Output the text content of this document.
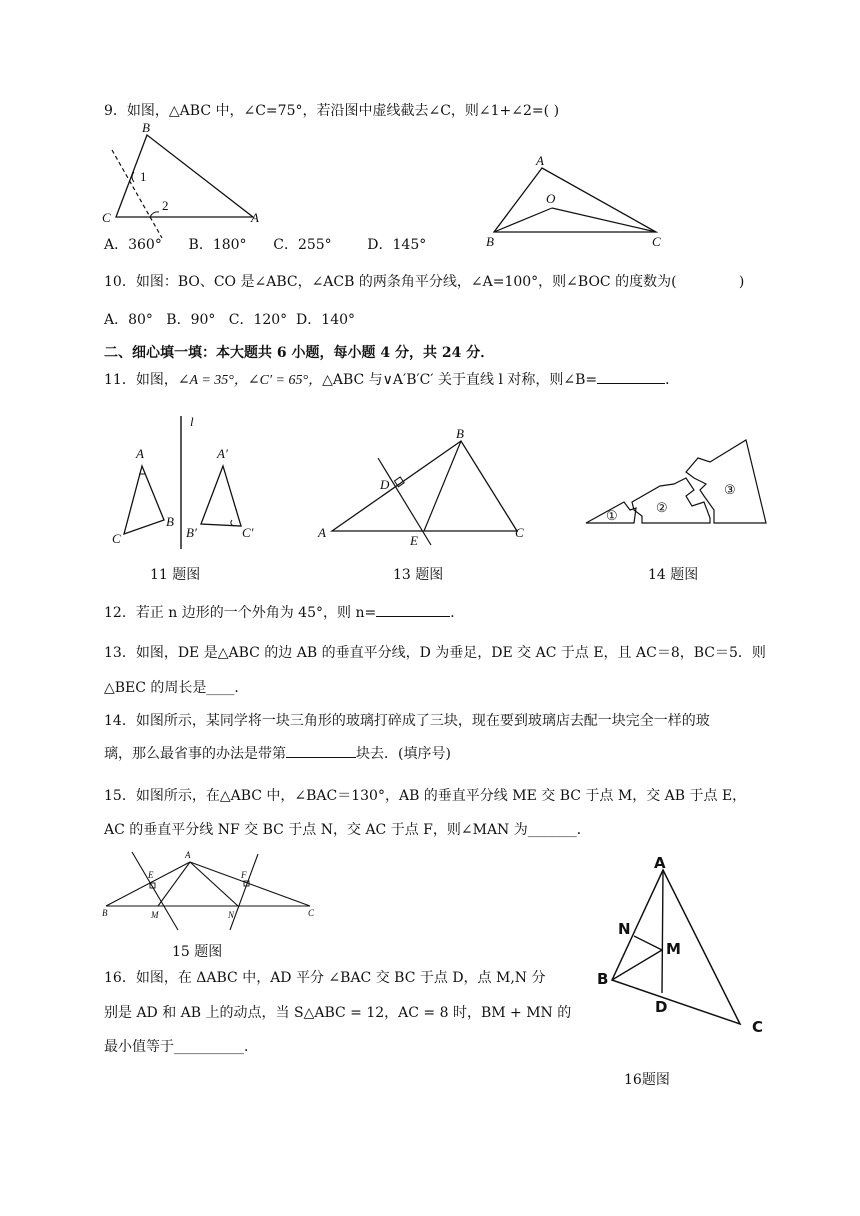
9．如图，△ABC 中，∠C=75°，若沿图中虚线截去∠C，则∠1+∠2=( )
B
C	A
1
2
A
O
B	C
A．360°      B．180°      C．255°        D．145°
10．如图：BO、CO 是∠ABC，∠ACB 的两条角平分线，∠A=100°，则∠BOC 的度数为(              )
A．80°   B．90°   C．120°  D．140°
二、细心填一填：本大题共 6 小题，每小题 4 分，共 24 分．
11．如图，∠A = 35°，∠C′ = 65°，△ABC 与∨A′B′C′ 关于直线 l 对称，则∠B=	．
l
A
C
B
A′
B′	C′
B
D
A
E
C
①
②
③
11 题图	13 题图	14 题图
12．若正 n 边形的一个外角为 45°，则 n=	．
13．如图，DE 是△ABC 的边 AB 的垂直平分线，D 为垂足，DE 交 AC 于点 E，且 AC＝8，BC＝5．则
△BEC 的周长是____．
14．如图所示，某同学将一块三角形的玻璃打碎成了三块，现在要到玻璃店去配一块完全一样的玻
璃，那么最省事的办法是带第	块去．(填序号)
15．如图所示，在△ABC 中，∠BAC＝130°，AB 的垂直平分线 ME 交 BC 于点 M，交 AB 于点 E，
AC 的垂直平分线 NF 交 BC 于点 N，交 AC 于点 F，则∠MAN 为_______．
A
B	C
E	F
M	N
15 题图
A
N
M
B
D
C
16．如图，在 ΔABC 中，AD 平分 ∠BAC 交 BC 于点 D，点 M,N 分
别是 AD 和 AB 上的动点，当 S△ABC = 12，AC = 8 时，BM + MN 的
最小值等于__________．
16题图
